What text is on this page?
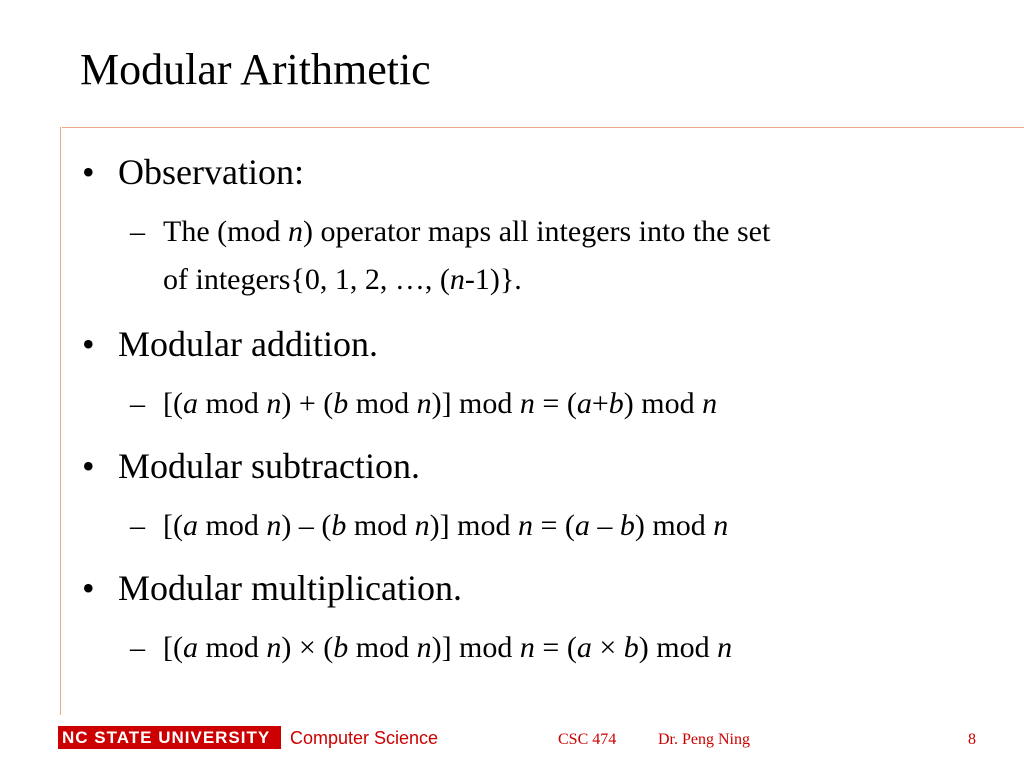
Modular Arithmetic
• Observation:
– The (mod n) operator maps all integers into the set
of integers{0, 1, 2, …, (n-1)}.
• Modular addition.
– [(a mod n) + (b mod n)] mod n = (a+b) mod n
• Modular subtraction.
– [(a mod n) – (b mod n)] mod n = (a – b) mod n
• Modular multiplication.
– [(a mod n) × (b mod n)] mod n = (a × b) mod n
NC STATE UNIVERSITY	Computer Science	CSC 474	Dr. Peng Ning	8
